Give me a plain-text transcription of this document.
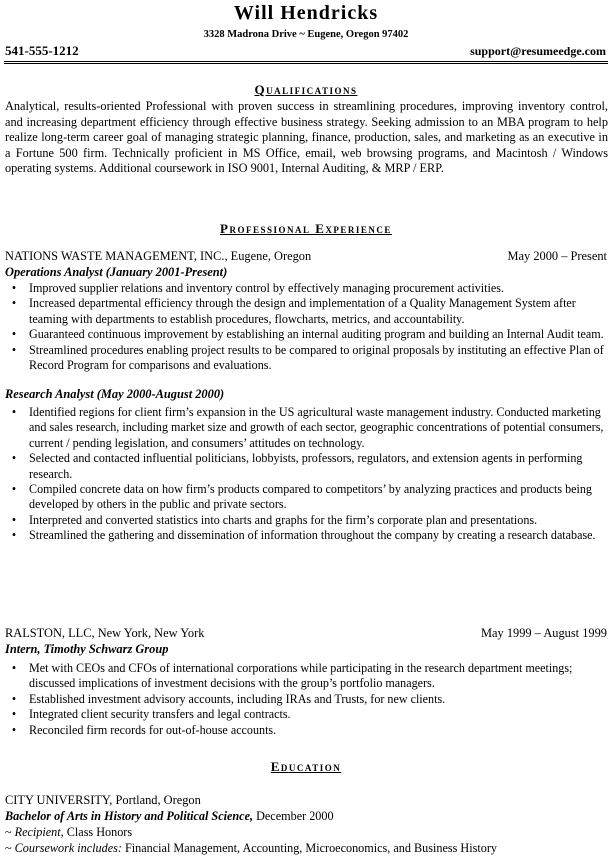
Will Hendricks
3328 Madrona Drive ~ Eugene, Oregon 97402
541-555-1212	support@resumeedge.com
Qualifications
Analytical, results-oriented Professional with proven success in streamlining procedures, improving inventory control, and increasing department efficiency through effective business strategy. Seeking admission to an MBA program to help realize long-term career goal of managing strategic planning, finance, production, sales, and marketing as an executive in a Fortune 500 firm. Technically proficient in MS Office, email, web browsing programs, and Macintosh / Windows operating systems. Additional coursework in ISO 9001, Internal Auditing, & MRP / ERP.
Professional Experience
NATIONS WASTE MANAGEMENT, INC., Eugene, Oregon	May 2000 – Present
Operations Analyst (January 2001-Present)
•	Improved supplier relations and inventory control by effectively managing procurement activities.
•	Increased departmental efficiency through the design and implementation of a Quality Management System after teaming with departments to establish procedures, flowcharts, metrics, and accountability.
•	Guaranteed continuous improvement by establishing an internal auditing program and building an Internal Audit team.
•	Streamlined procedures enabling project results to be compared to original proposals by instituting an effective Plan of Record Program for comparisons and evaluations.
Research Analyst (May 2000-August 2000)
•	Identified regions for client firm’s expansion in the US agricultural waste management industry. Conducted marketing and sales research, including market size and growth of each sector, geographic concentrations of potential consumers, current / pending legislation, and consumers’ attitudes on technology.
•	Selected and contacted influential politicians, lobbyists, professors, regulators, and extension agents in performing research.
•	Compiled concrete data on how firm’s products compared to competitors’ by analyzing practices and products being developed by others in the public and private sectors.
•	Interpreted and converted statistics into charts and graphs for the firm’s corporate plan and presentations.
•	Streamlined the gathering and dissemination of information throughout the company by creating a research database.
RALSTON, LLC, New York, New York	May 1999 – August 1999
Intern, Timothy Schwarz Group
•	Met with CEOs and CFOs of international corporations while participating in the research department meetings; discussed implications of investment decisions with the group’s portfolio managers.
•	Established investment advisory accounts, including IRAs and Trusts, for new clients.
•	Integrated client security transfers and legal contracts.
•	Reconciled firm records for out-of-house accounts.
Education
CITY UNIVERSITY, Portland, Oregon
Bachelor of Arts in History and Political Science, December 2000
~ Recipient, Class Honors
~ Coursework includes: Financial Management, Accounting, Microeconomics, and Business History
